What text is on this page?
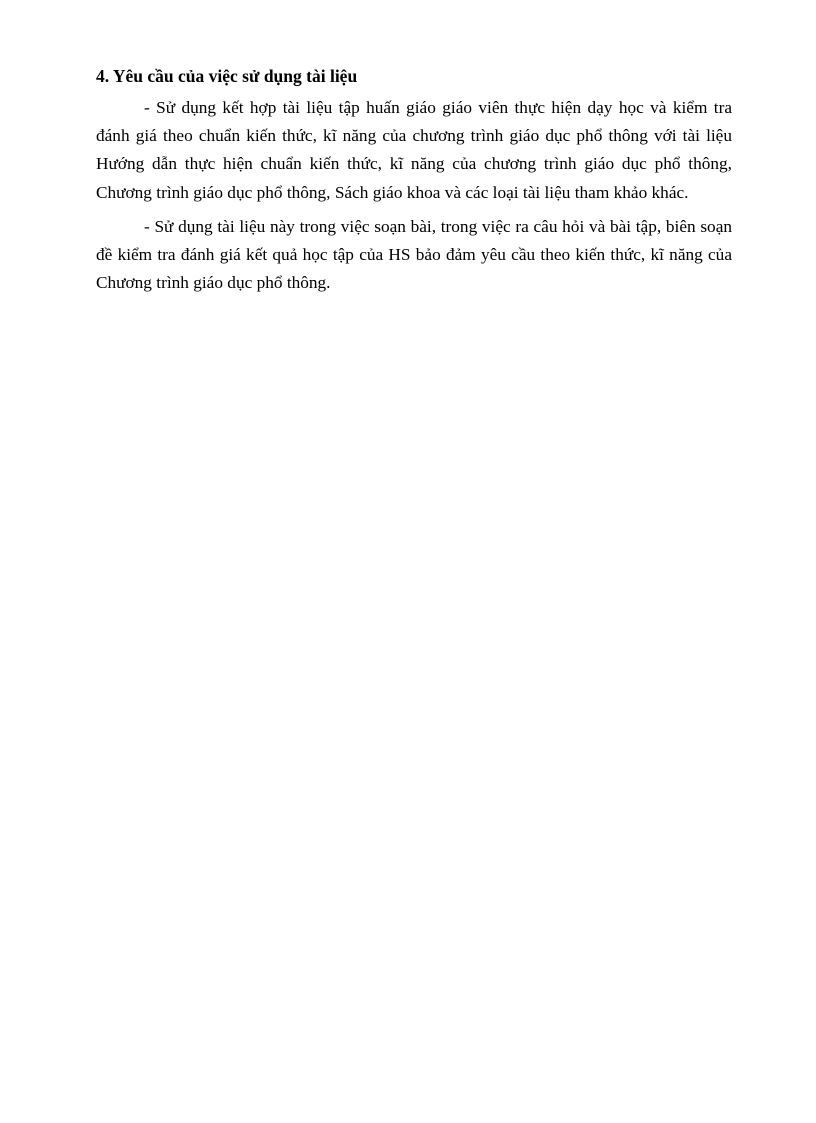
4. Yêu cầu của việc sử dụng tài liệu

- Sử dụng kết hợp tài liệu tập huấn giáo giáo viên thực hiện dạy học và kiểm tra đánh giá theo chuẩn kiến thức, kĩ năng của chương trình giáo dục phổ thông với tài liệu Hướng dẫn thực hiện chuẩn kiến thức, kĩ năng của chương trình giáo dục phổ thông, Chương trình giáo dục phổ thông, Sách giáo khoa và các loại tài liệu tham khảo khác.

- Sử dụng tài liệu này trong việc soạn bài, trong việc ra câu hỏi và bài tập, biên soạn đề kiểm tra đánh giá kết quả học tập của HS bảo đảm yêu cầu theo kiến thức, kĩ năng của Chương trình giáo dục phổ thông.
